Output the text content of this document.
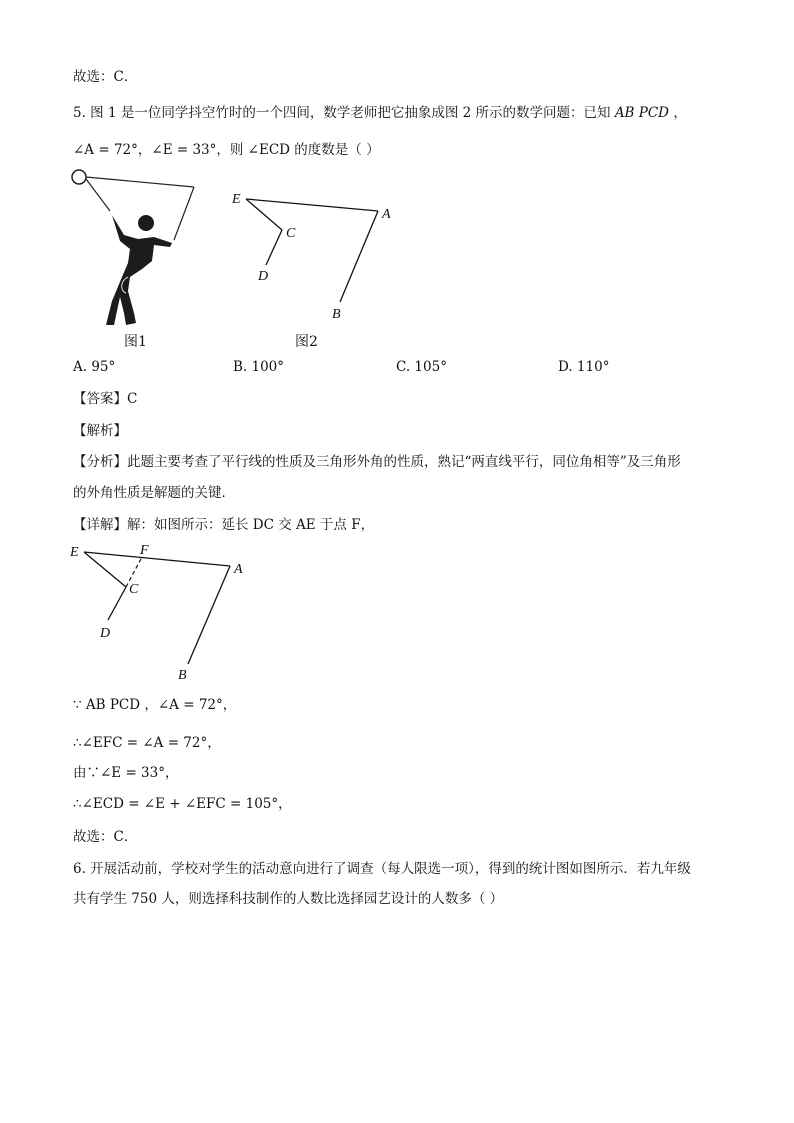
故选：C．
5. 图 1 是一位同学抖空竹时的一个四间，数学老师把它抽象成图 2 所示的数学问题：已知 AB PCD ，
∠A = 72°，∠E = 33°，则 ∠ECD 的度数是（ ）
图1
E
A
C
D
B
图2
A. 95°	B. 100°	C. 105°	D. 110°
【答案】C
【解析】
【分析】此题主要考查了平行线的性质及三角形外角的性质，熟记“两直线平行，同位角相等”及三角形
的外角性质是解题的关键．
【详解】解：如图所示：延长 DC 交 AE 于点 F，
E	F
A
C
D
B
∵ AB PCD ，∠A = 72°，
∴∠EFC = ∠A = 72°，
由∵∠E = 33°，
∴∠ECD = ∠E + ∠EFC = 105°，
故选：C．
6. 开展活动前，学校对学生的活动意向进行了调查（每人限选一项），得到的统计图如图所示．若九年级
共有学生 750 人，则选择科技制作的人数比选择园艺设计的人数多（ ）
